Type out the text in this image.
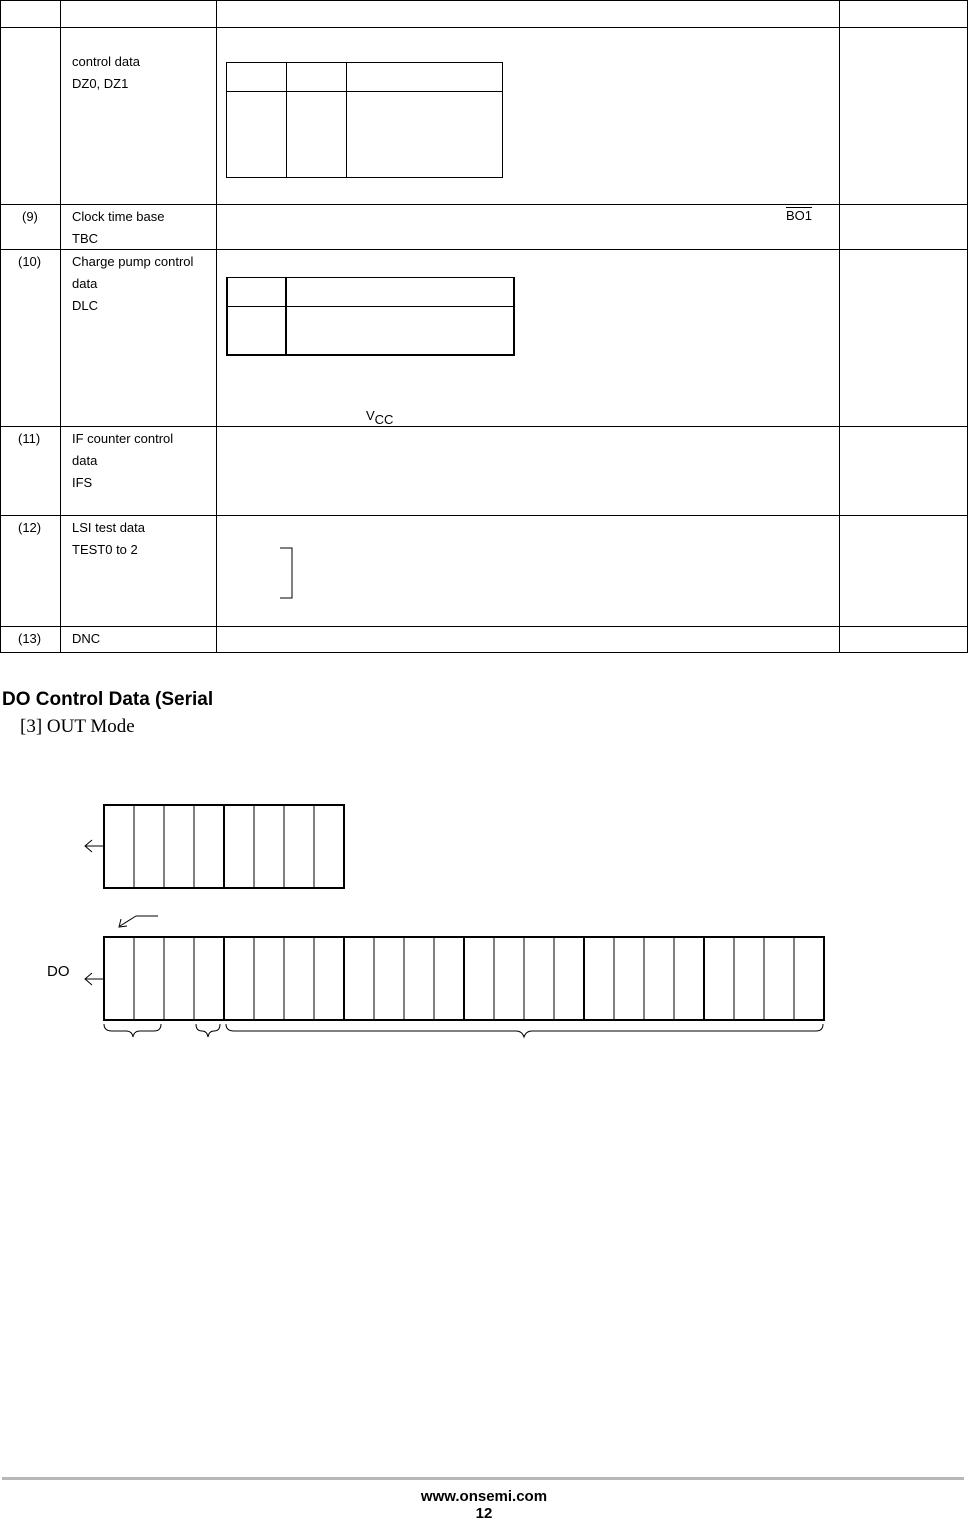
control data
DZ0, DZ1
(9)	Clock time base
TBC
BO1
(10) Charge pump control
data
DLC
VCC
(11) IF counter control
data
IFS
(12) LSI test data
TEST0 to 2
(13) DNC
DO Control Data (Serial
[3] OUT Mode
DO
www.onsemi.com
12
